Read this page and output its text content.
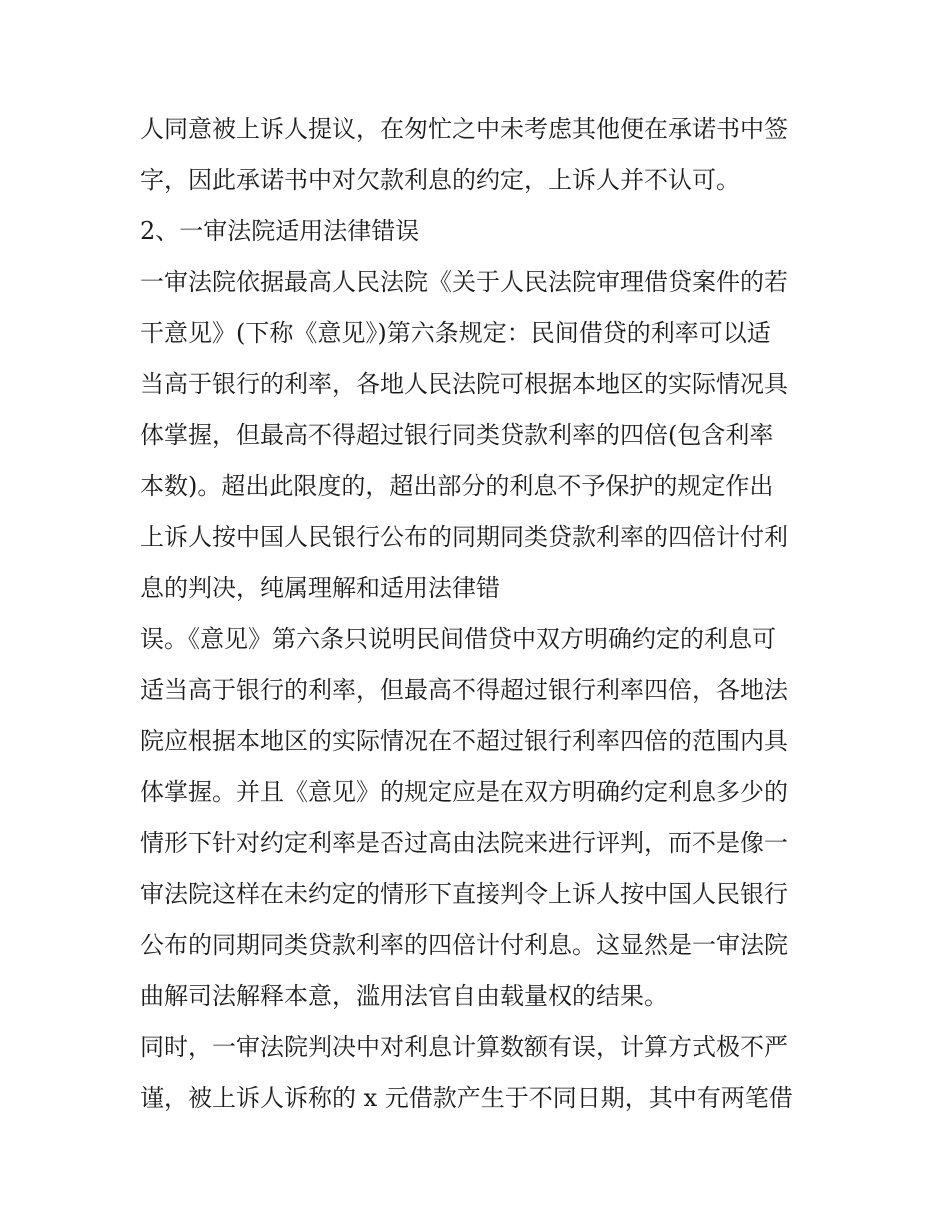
人同意被上诉人提议，在匆忙之中未考虑其他便在承诺书中签
字，因此承诺书中对欠款利息的约定，上诉人并不认可。
2、一审法院适用法律错误
一审法院依据最高人民法院《关于人民法院审理借贷案件的若
干意见》(下称《意见》)第六条规定：民间借贷的利率可以适
当高于银行的利率，各地人民法院可根据本地区的实际情况具
体掌握，但最高不得超过银行同类贷款利率的四倍(包含利率
本数)。超出此限度的，超出部分的利息不予保护的规定作出
上诉人按中国人民银行公布的同期同类贷款利率的四倍计付利
息的判决，纯属理解和适用法律错
误。《意见》第六条只说明民间借贷中双方明确约定的利息可
适当高于银行的利率，但最高不得超过银行利率四倍，各地法
院应根据本地区的实际情况在不超过银行利率四倍的范围内具
体掌握。并且《意见》的规定应是在双方明确约定利息多少的
情形下针对约定利率是否过高由法院来进行评判，而不是像一
审法院这样在未约定的情形下直接判令上诉人按中国人民银行
公布的同期同类贷款利率的四倍计付利息。这显然是一审法院
曲解司法解释本意，滥用法官自由载量权的结果。
同时，一审法院判决中对利息计算数额有误，计算方式极不严
谨，被上诉人诉称的 x 元借款产生于不同日期，其中有两笔借
